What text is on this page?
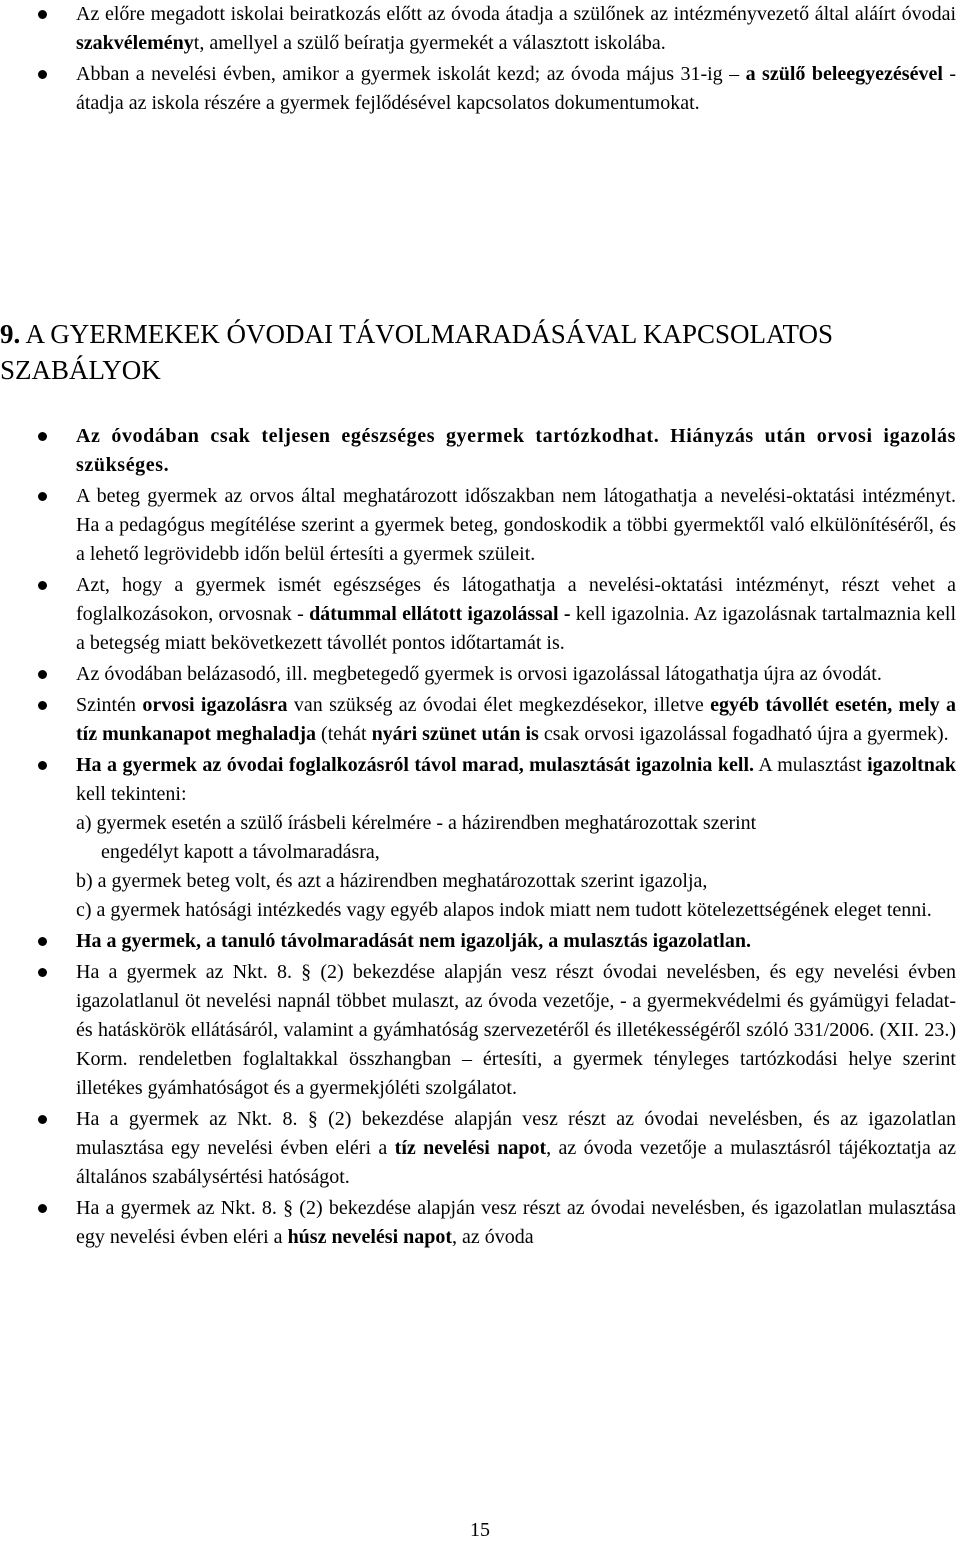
Az előre megadott iskolai beiratkozás előtt az óvoda átadja a szülőnek az intézményvezető által aláírt óvodai szakvéleményt, amellyel a szülő beíratja gyermekét a választott iskolába.
Abban a nevelési évben, amikor a gyermek iskolát kezd; az óvoda május 31-ig – a szülő beleegyezésével - átadja az iskola részére a gyermek fejlődésével kapcsolatos dokumentumokat.
9. A GYERMEKEK ÓVODAI TÁVOLMARADÁSÁVAL KAPCSOLATOS SZABÁLYOK
Az óvodában csak teljesen egészséges gyermek tartózkodhat. Hiányzás után orvosi igazolás szükséges.
A beteg gyermek az orvos által meghatározott időszakban nem látogathatja a nevelési-oktatási intézményt. Ha a pedagógus megítélése szerint a gyermek beteg, gondoskodik a többi gyermektől való elkülönítéséről, és a lehető legrövidebb időn belül értesíti a gyermek szüleit.
Azt, hogy a gyermek ismét egészséges és látogathatja a nevelési-oktatási intézményt, részt vehet a foglalkozásokon, orvosnak - dátummal ellátott igazolással - kell igazolnia. Az igazolásnak tartalmaznia kell a betegség miatt bekövetkezett távollét pontos időtartamát is.
Az óvodában belázasodó, ill. megbetegedő gyermek is orvosi igazolással látogathatja újra az óvodát.
Szintén orvosi igazolásra van szükség az óvodai élet megkezdésekor, illetve egyéb távollét esetén, mely a tíz munkanapot meghaladja (tehát nyári szünet után is csak orvosi igazolással fogadható újra a gyermek).
Ha a gyermek az óvodai foglalkozásról távol marad, mulasztását igazolnia kell. A mulasztást igazoltnak kell tekinteni:
a) gyermek esetén a szülő írásbeli kérelmére - a házirendben meghatározottak szerint
engedélyt kapott a távolmaradásra,
b) a gyermek beteg volt, és azt a házirendben meghatározottak szerint igazolja,
c) a gyermek hatósági intézkedés vagy egyéb alapos indok miatt nem tudott kötelezettségének eleget tenni.
Ha a gyermek, a tanuló távolmaradását nem igazolják, a mulasztás igazolatlan.
Ha a gyermek az Nkt. 8. § (2) bekezdése alapján vesz részt óvodai nevelésben, és egy nevelési évben igazolatlanul öt nevelési napnál többet mulaszt, az óvoda vezetője, - a gyermekvédelmi és gyámügyi feladat- és hatáskörök ellátásáról, valamint a gyámhatóság szervezetéről és illetékességéről szóló 331/2006. (XII. 23.) Korm. rendeletben foglaltakkal összhangban – értesíti, a gyermek tényleges tartózkodási helye szerint illetékes gyámhatóságot és a gyermekjóléti szolgálatot.
Ha a gyermek az Nkt. 8. § (2) bekezdése alapján vesz részt az óvodai nevelésben, és az igazolatlan mulasztása egy nevelési évben eléri a tíz nevelési napot, az óvoda vezetője a mulasztásról tájékoztatja az általános szabálysértési hatóságot.
Ha a gyermek az Nkt. 8. § (2) bekezdése alapján vesz részt az óvodai nevelésben, és igazolatlan mulasztása egy nevelési évben eléri a húsz nevelési napot, az óvoda
15
